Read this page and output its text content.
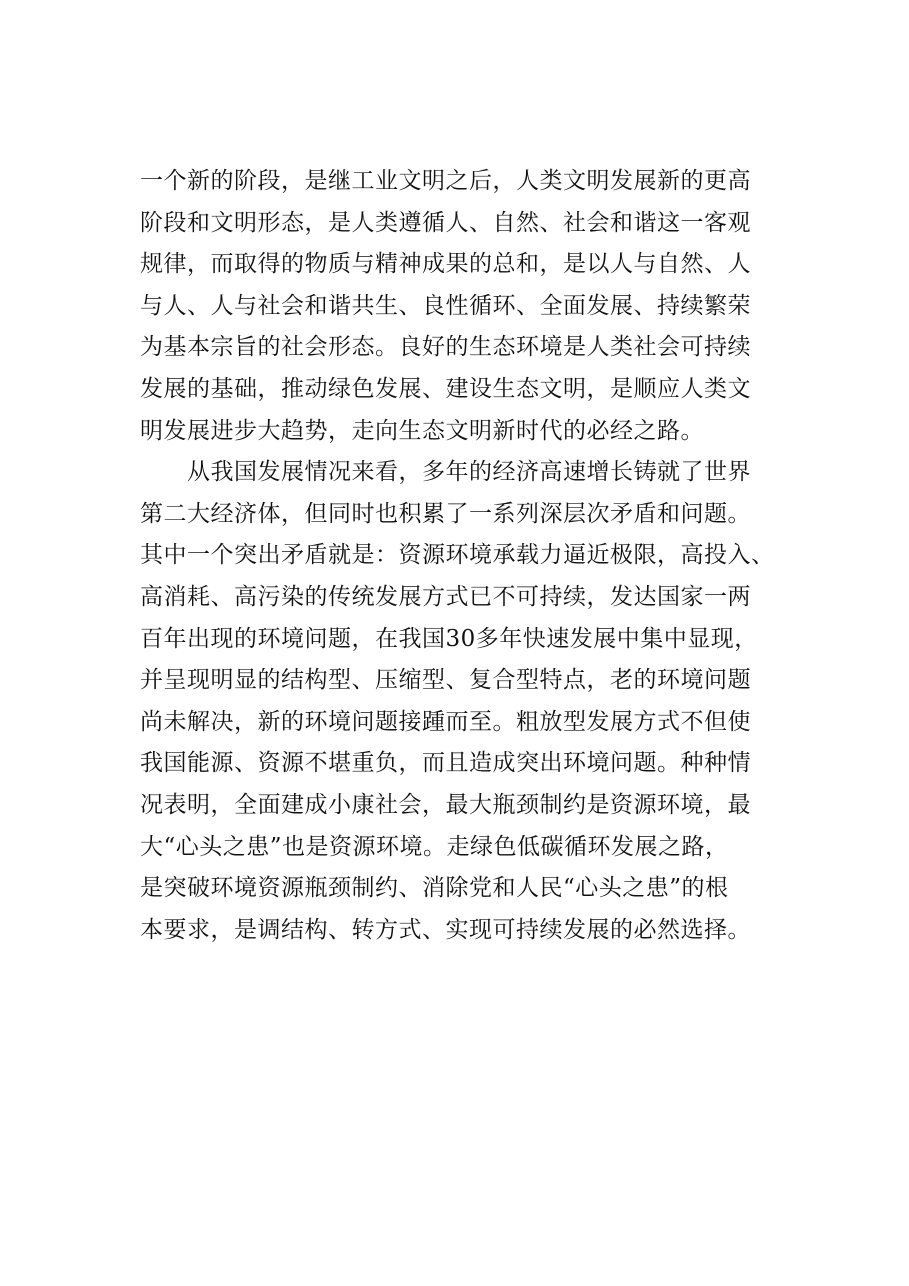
一个新的阶段，是继工业文明之后，人类文明发展新的更高
阶段和文明形态，是人类遵循人、自然、社会和谐这一客观
规律，而取得的物质与精神成果的总和，是以人与自然、人
与人、人与社会和谐共生、良性循环、全面发展、持续繁荣
为基本宗旨的社会形态。良好的生态环境是人类社会可持续
发展的基础，推动绿色发展、建设生态文明，是顺应人类文
明发展进步大趋势，走向生态文明新时代的必经之路。
从我国发展情况来看，多年的经济高速增长铸就了世界
第二大经济体，但同时也积累了一系列深层次矛盾和问题。
其中一个突出矛盾就是：资源环境承载力逼近极限，高投入、
高消耗、高污染的传统发展方式已不可持续，发达国家一两
百年出现的环境问题，在我国30多年快速发展中集中显现，
并呈现明显的结构型、压缩型、复合型特点，老的环境问题
尚未解决，新的环境问题接踵而至。粗放型发展方式不但使
我国能源、资源不堪重负，而且造成突出环境问题。种种情
况表明，全面建成小康社会，最大瓶颈制约是资源环境，最
大“心头之患”也是资源环境。走绿色低碳循环发展之路，
是突破环境资源瓶颈制约、消除党和人民“心头之患”的根
本要求，是调结构、转方式、实现可持续发展的必然选择。
